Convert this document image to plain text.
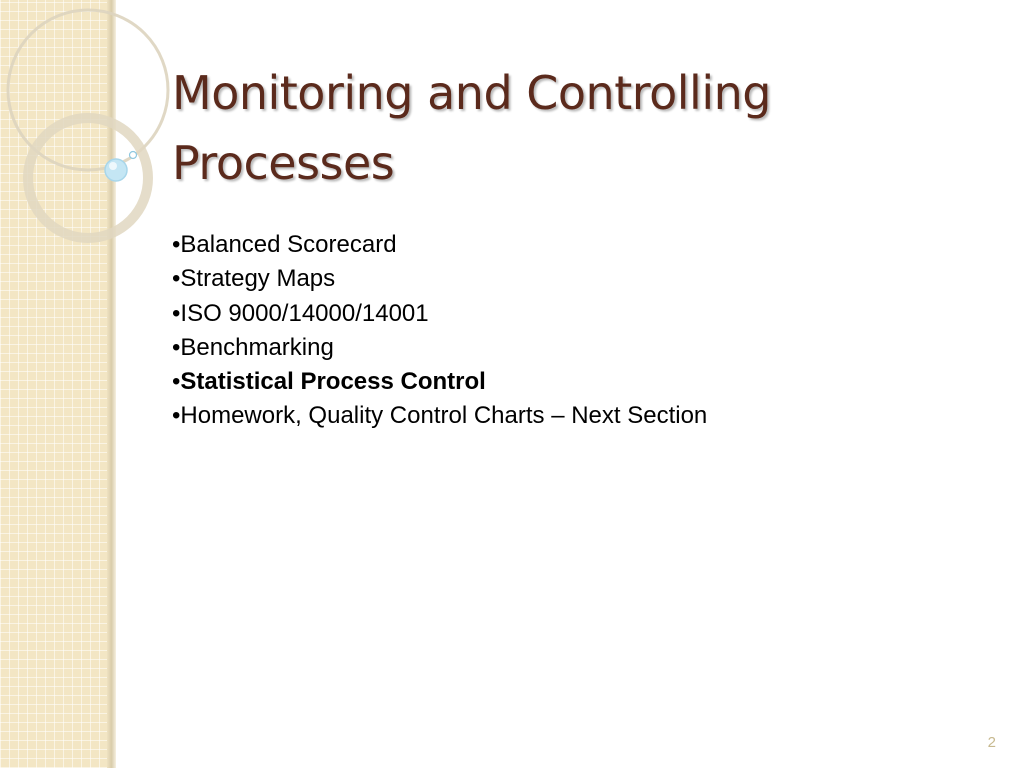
Monitoring and Controlling
Processes
•Balanced Scorecard
•Strategy Maps
•ISO 9000/14000/14001
•Benchmarking
•Statistical Process Control
•Homework, Quality Control Charts – Next Section
2
